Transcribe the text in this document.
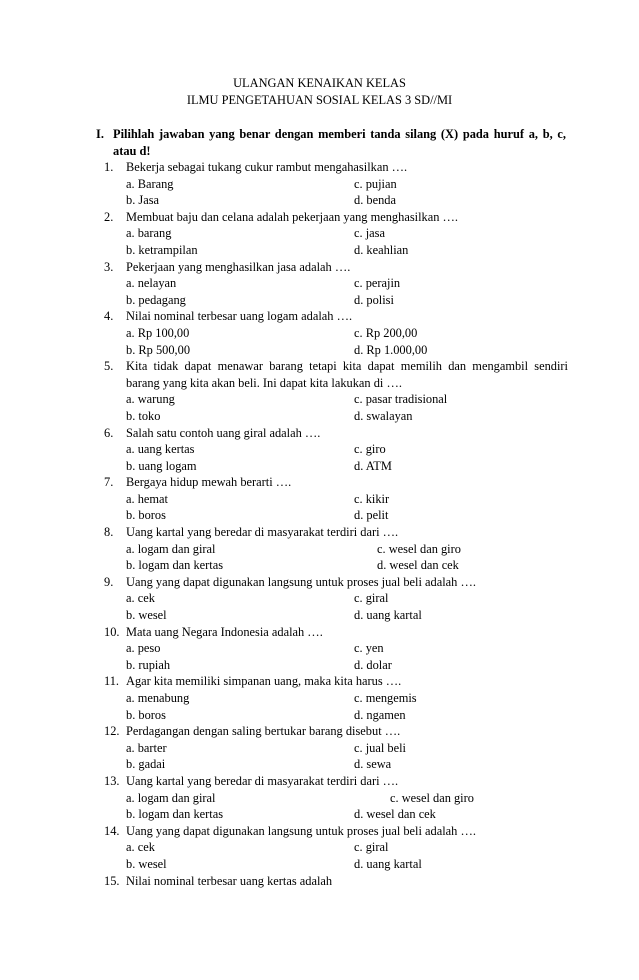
ULANGAN KENAIKAN KELAS
ILMU PENGETAHUAN SOSIAL KELAS 3 SD//MI
I. Pilihlah jawaban yang benar dengan memberi tanda silang (X) pada huruf a, b, c, atau d!
1.	Bekerja sebagai tukang cukur rambut mengahasilkan ….
a. Barang	c. pujian
b. Jasa	d. benda
2.	Membuat baju dan celana adalah pekerjaan yang menghasilkan ….
a. barang	c. jasa
b. ketrampilan	d. keahlian
3.	Pekerjaan yang menghasilkan jasa adalah ….
a. nelayan	c. perajin
b. pedagang	d. polisi
4.	Nilai nominal terbesar uang logam adalah ….
a. Rp 100,00	c. Rp 200,00
b. Rp 500,00	d. Rp 1.000,00
5.	Kita tidak dapat menawar barang tetapi kita dapat memilih dan mengambil sendiri barang yang kita akan beli. Ini dapat kita lakukan di ….
a. warung	c. pasar tradisional
b. toko	d. swalayan
6.	Salah satu contoh uang giral adalah ….
a. uang kertas	c. giro
b. uang logam	d. ATM
7.	Bergaya hidup mewah berarti ….
a. hemat	c. kikir
b. boros	d. pelit
8.	Uang kartal yang beredar di masyarakat terdiri dari ….
a. logam dan giral	c. wesel dan giro
b. logam dan kertas	d. wesel dan cek
9.	Uang yang dapat digunakan langsung untuk proses jual beli adalah ….
a. cek	c. giral
b. wesel	d. uang kartal
10. Mata uang Negara Indonesia adalah ….
a. peso	c. yen
b. rupiah	d. dolar
11. Agar kita memiliki simpanan uang, maka kita harus ….
a. menabung	c. mengemis
b. boros	d. ngamen
12. Perdagangan dengan saling bertukar barang disebut ….
a. barter	c. jual beli
b. gadai	d. sewa
13. Uang kartal yang beredar di masyarakat terdiri dari ….
a. logam dan giral	c. wesel dan giro
b. logam dan kertas	d. wesel dan cek
14. Uang yang dapat digunakan langsung untuk proses jual beli adalah ….
a. cek	c. giral
b. wesel	d. uang kartal
15. Nilai nominal terbesar uang kertas adalah
